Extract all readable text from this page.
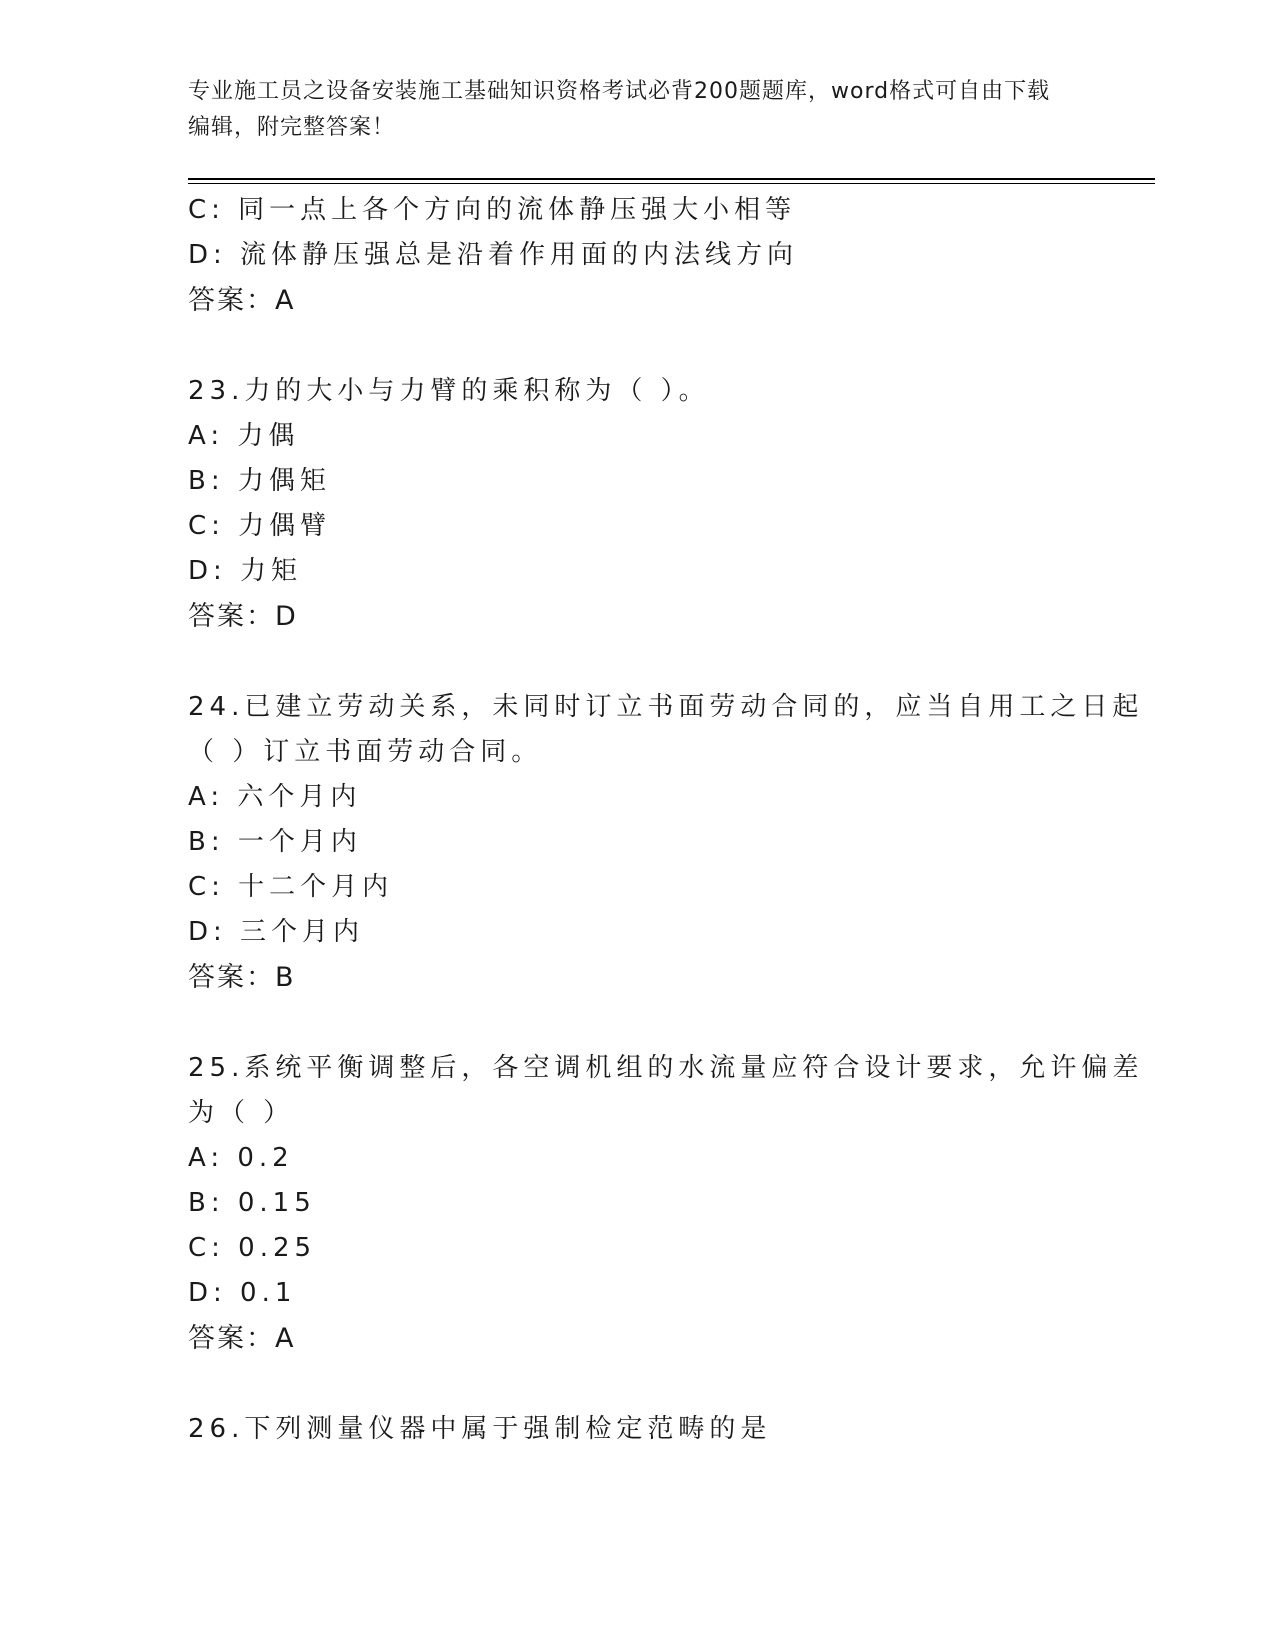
专业施工员之设备安装施工基础知识资格考试必背200题题库，word格式可自由下载编辑，附完整答案！
C: 同一点上各个方向的流体静压强大小相等
D: 流体静压强总是沿着作用面的内法线方向
答案：A
23.力的大小与力臂的乘积称为（ ）。
A: 力偶
B: 力偶矩
C: 力偶臂
D: 力矩
答案：D
24.已建立劳动关系，未同时订立书面劳动合同的，应当自用工之日起
（ ）订立书面劳动合同。
A: 六个月内
B: 一个月内
C: 十二个月内
D: 三个月内
答案：B
25.系统平衡调整后，各空调机组的水流量应符合设计要求，允许偏差
为（ ）
A: 0.2
B: 0.15
C: 0.25
D: 0.1
答案：A
26.下列测量仪器中属于强制检定范畴的是
